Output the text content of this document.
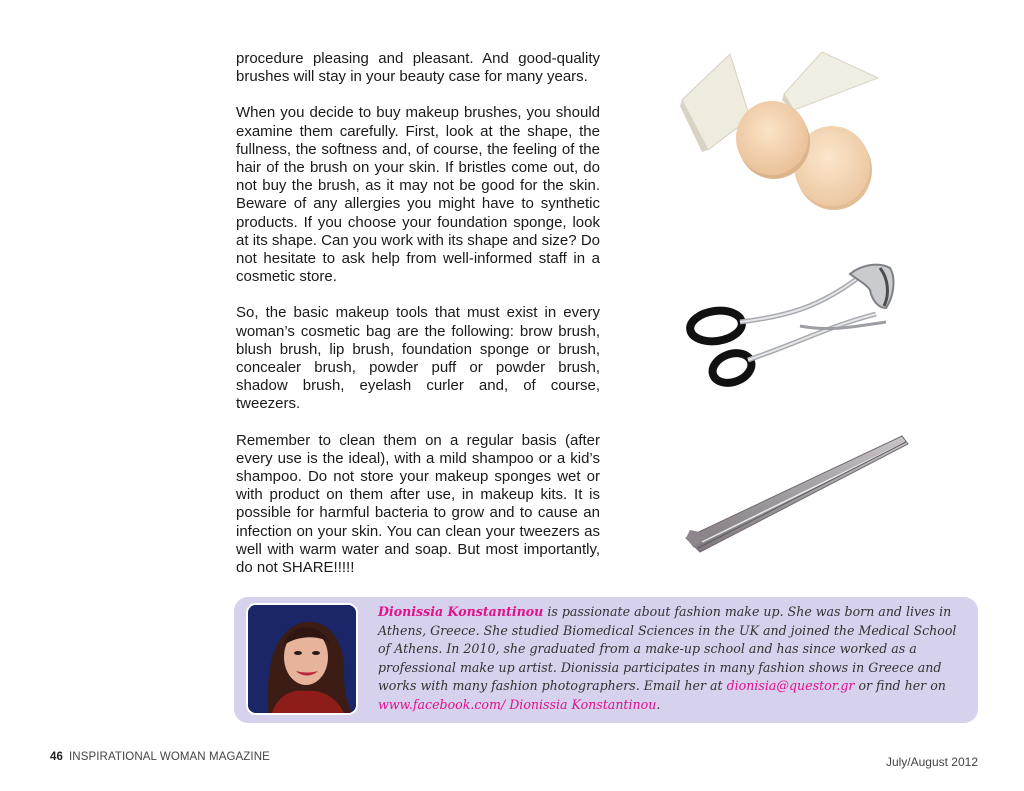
procedure pleasing and pleasant. And good-quality brushes will stay in your beauty case for many years.

When you decide to buy makeup brushes, you should examine them carefully. First, look at the shape, the fullness, the softness and, of course, the feeling of the hair of the brush on your skin. If bristles come out, do not buy the brush, as it may not be good for the skin. Beware of any allergies you might have to synthetic products. If you choose your foundation sponge, look at its shape. Can you work with its shape and size? Do not hesitate to ask help from well-informed staff in a cosmetic store.

So, the basic makeup tools that must exist in every woman’s cosmetic bag are the following: brow brush, blush brush, lip brush, foundation sponge or brush, concealer brush, powder puff or powder brush, shadow brush, eyelash curler and, of course, tweezers.

Remember to clean them on a regular basis (after every use is the ideal), with a mild shampoo or a kid’s shampoo. Do not store your makeup sponges wet or with product on them after use, in makeup kits. It is possible for harmful bacteria to grow and to cause an infection on your skin. You can clean your tweezers as well with warm water and soap. But most importantly, do not SHARE!!!!!

Dionissia Konstantinou is passionate about fashion make up. She was born and lives in Athens, Greece. She studied Biomedical Sciences in the UK and joined the Medical School of Athens. In 2010, she graduated from a make-up school and has since worked as a professional make up artist. Dionissia participates in many fashion shows in Greece and works with many fashion photographers. Email her at dionisia@questor.gr or find her on www.facebook.com/ Dionissia Konstantinou.
46 INSPIRATIONAL WOMAN MAGAZINE	July/August 2012
